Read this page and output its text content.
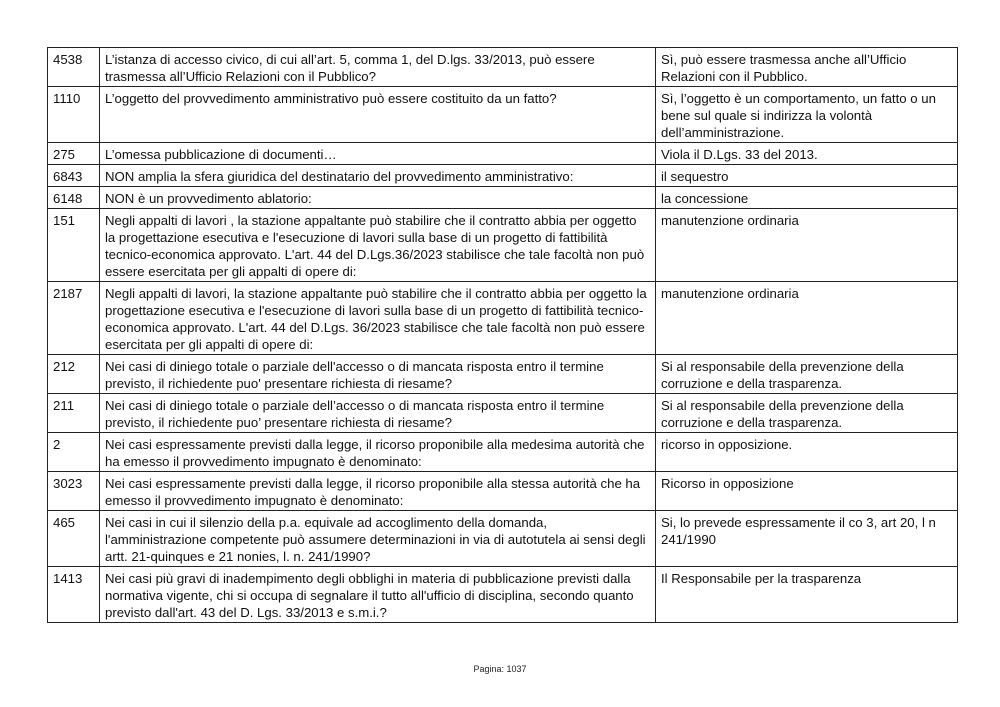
4538	L’istanza di accesso civico, di cui all’art. 5, comma 1, del D.lgs. 33/2013, può essere trasmessa all’Ufficio Relazioni con il Pubblico?	Sì, può essere trasmessa anche all’Ufficio Relazioni con il Pubblico.
1110	L’oggetto del provvedimento amministrativo può essere costituito da un fatto?	Sì, l’oggetto è un comportamento, un fatto o un bene sul quale si indirizza la volontà dell’amministrazione.
275	L’omessa pubblicazione di documenti…	Viola il D.Lgs. 33 del 2013.
6843	NON amplia la sfera giuridica del destinatario del provvedimento amministrativo:	il sequestro
6148	NON è un provvedimento ablatorio:	la concessione
151	Negli appalti di lavori , la stazione appaltante può stabilire che il contratto abbia per oggetto la progettazione esecutiva e l'esecuzione di lavori sulla base di un progetto di fattibilità tecnico-economica approvato. L'art. 44 del D.Lgs.36/2023 stabilisce che tale facoltà non può essere esercitata per gli appalti di opere di:	manutenzione ordinaria
2187	Negli appalti di lavori, la stazione appaltante può stabilire che il contratto abbia per oggetto la progettazione esecutiva e l'esecuzione di lavori sulla base di un progetto di fattibilità tecnico-economica approvato. L'art. 44 del D.Lgs. 36/2023 stabilisce che tale facoltà non può essere esercitata per gli appalti di opere di:	manutenzione ordinaria
212	Nei casi di diniego totale o parziale dell'accesso o di mancata risposta entro il termine previsto, il richiedente puo' presentare richiesta di riesame?	Si al responsabile della prevenzione della corruzione e della trasparenza.
211	Nei casi di diniego totale o parziale dell’accesso o di mancata risposta entro il termine previsto, il richiedente puo’ presentare richiesta di riesame?	Si al responsabile della prevenzione della corruzione e della trasparenza.
2	Nei casi espressamente previsti dalla legge, il ricorso proponibile alla medesima autorità che ha emesso il provvedimento impugnato è denominato:	ricorso in opposizione.
3023	Nei casi espressamente previsti dalla legge, il ricorso proponibile alla stessa autorità che ha emesso il provvedimento impugnato è denominato:	Ricorso in opposizione
465	Nei casi in cui il silenzio della p.a. equivale ad accoglimento della domanda, l'amministrazione competente può assumere determinazioni in via di autotutela ai sensi degli artt. 21-quinques e 21 nonies, l. n. 241/1990?	Si, lo prevede espressamente il co 3, art 20, l n 241/1990
1413	Nei casi più gravi di inadempimento degli obblighi in materia di pubblicazione previsti dalla normativa vigente, chi si occupa di segnalare il tutto all'ufficio di disciplina, secondo quanto previsto dall'art. 43 del D. Lgs. 33/2013 e s.m.i.?	Il Responsabile per la trasparenza
Pagina: 1037
